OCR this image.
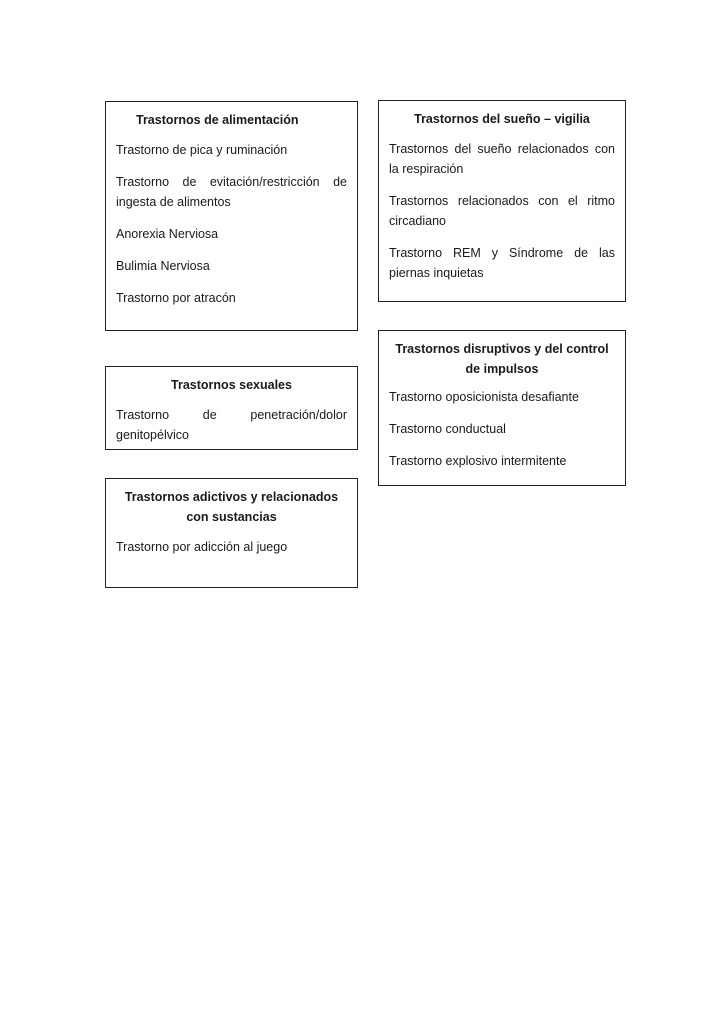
Trastornos de alimentación

Trastorno de pica y ruminación

Trastorno de evitación/restricción de ingesta de alimentos

Anorexia Nerviosa

Bulimia Nerviosa

Trastorno por atracón

Trastornos sexuales

Trastorno de penetración/dolor genitopélvico

Trastornos adictivos y relacionados con sustancias

Trastorno por adicción al juego

Trastornos del sueño – vigilia

Trastornos del sueño relacionados con la respiración

Trastornos relacionados con el ritmo circadiano

Trastorno REM y Síndrome de las piernas inquietas

Trastornos disruptivos y del control de impulsos

Trastorno oposicionista desafiante

Trastorno conductual

Trastorno explosivo intermitente
